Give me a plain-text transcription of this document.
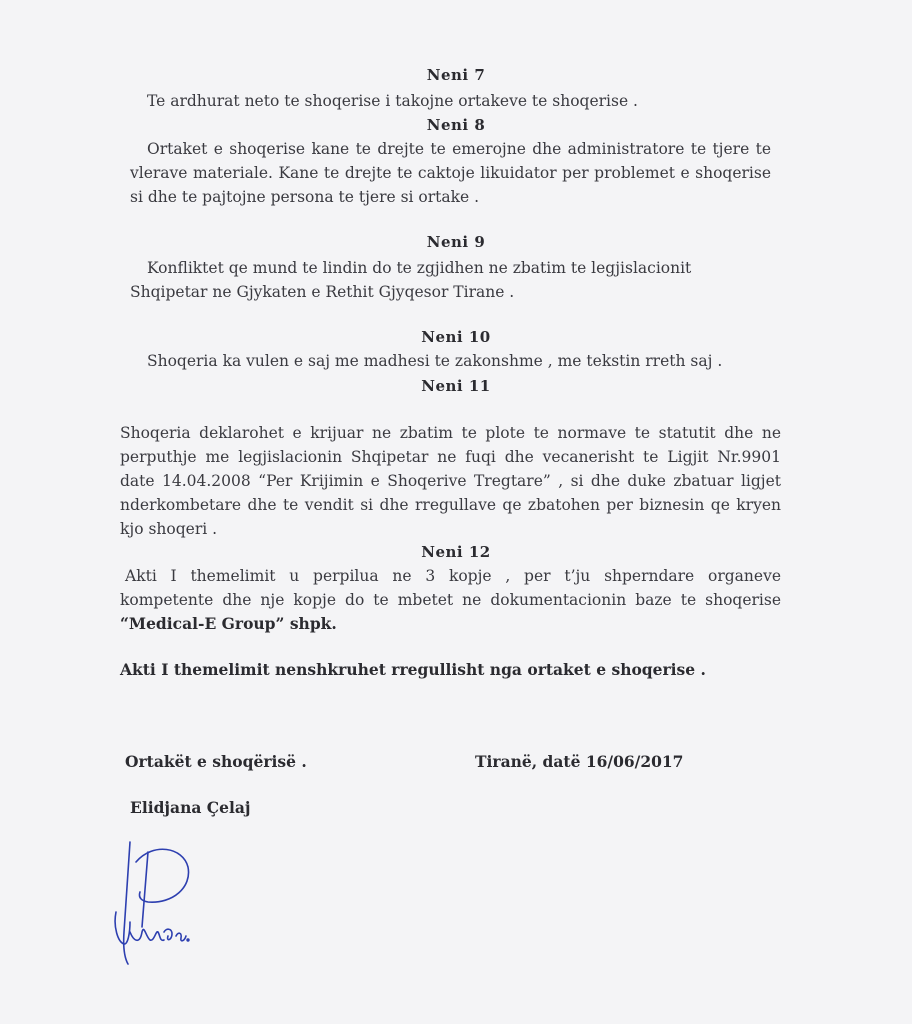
Neni 7
Te ardhurat neto te shoqerise i takojne ortakeve te shoqerise .
Neni 8
Ortaket e shoqerise kane te drejte te emerojne dhe administratore te tjere te
vlerave materiale. Kane te drejte te caktoje likuidator per problemet e shoqerise
si dhe te pajtojne persona te tjere si ortake .
Neni 9
Konfliktet qe mund te lindin do te zgjidhen ne zbatim te legjislacionit
Shqipetar ne Gjykaten e Rethit Gjyqesor Tirane .
Neni 10
Shoqeria ka vulen e saj me madhesi te zakonshme , me tekstin rreth saj .
Neni 11
Shoqeria deklarohet e krijuar ne zbatim te plote te normave te statutit dhe ne
perputhje me legjislacionin Shqipetar ne fuqi dhe vecanerisht te Ligjit Nr.9901
date 14.04.2008 “Per Krijimin e Shoqerive Tregtare” , si dhe duke zbatuar ligjet
nderkombetare dhe te vendit si dhe rregullave qe zbatohen per biznesin qe kryen
kjo shoqeri .
Neni 12
Akti I themelimit u perpilua ne 3 kopje , per t’ju shperndare organeve
kompetente dhe nje kopje do te mbetet ne dokumentacionin baze te shoqerise
“Medical-E Group” shpk.
Akti I themelimit nenshkruhet rregullisht nga ortaket e shoqerise .
Ortakët e shoqërisë .	Tiranë, datë 16/06/2017
Elidjana Çelaj
